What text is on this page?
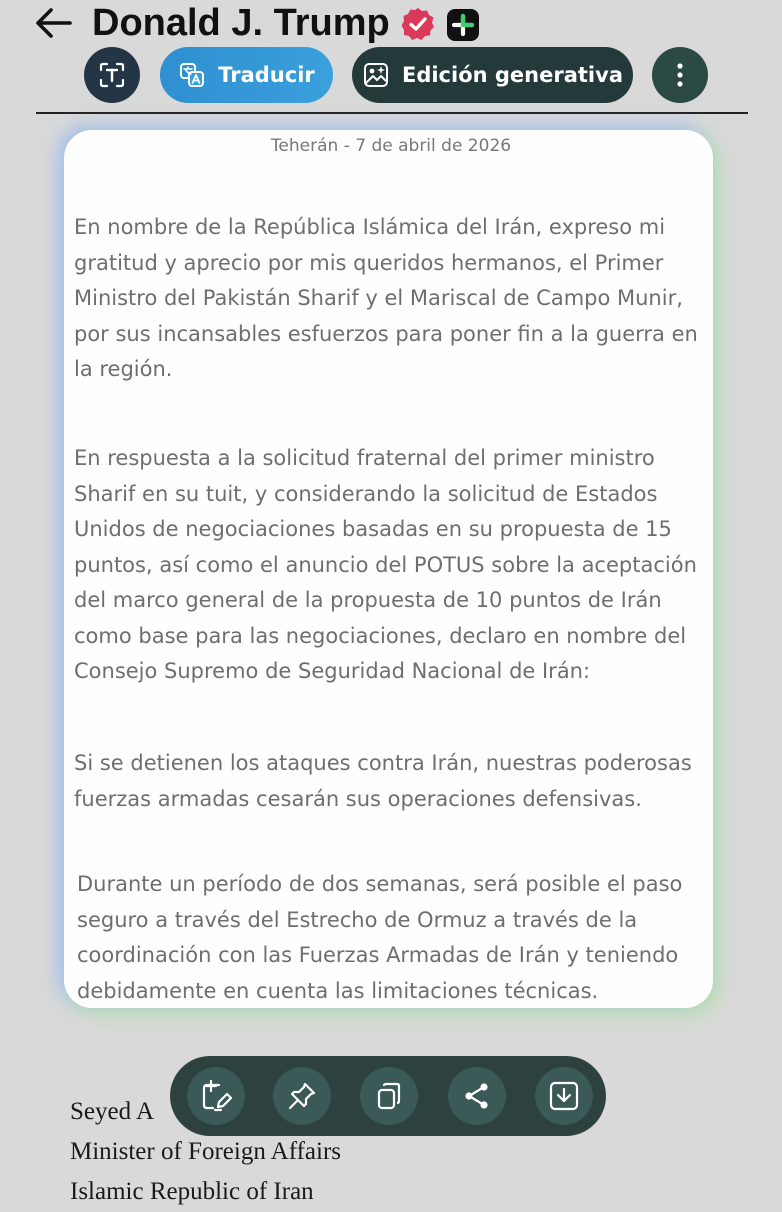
Donald J. Trump
Traducir	Edición generativa
Seyed A
Minister of Foreign Affairs
Islamic Republic of Iran
Teherán - 7 de abril de 2026
En nombre de la República Islámica del Irán, expreso mi gratitud y aprecio por mis queridos hermanos, el Primer Ministro del Pakistán Sharif y el Mariscal de Campo Munir, por sus incansables esfuerzos para poner fin a la guerra en la región.
En respuesta a la solicitud fraternal del primer ministro Sharif en su tuit, y considerando la solicitud de Estados Unidos de negociaciones basadas en su propuesta de 15 puntos, así como el anuncio del POTUS sobre la aceptación del marco general de la propuesta de 10 puntos de Irán como base para las negociaciones, declaro en nombre del Consejo Supremo de Seguridad Nacional de Irán:
Si se detienen los ataques contra Irán, nuestras poderosas fuerzas armadas cesarán sus operaciones defensivas.
Durante un período de dos semanas, será posible el paso seguro a través del Estrecho de Ormuz a través de la coordinación con las Fuerzas Armadas de Irán y teniendo debidamente en cuenta las limitaciones técnicas.
